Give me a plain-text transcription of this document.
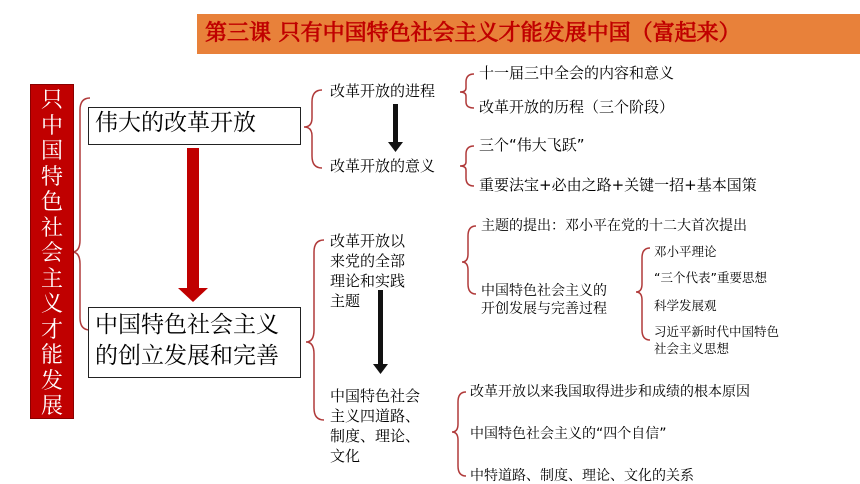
第三课 只有中国特色社会主义才能发展中国（富起来）
只中国特色社会主义才能发展中国
伟大的改革开放
中国特色社会主义
的创立发展和完善
改革开放的进程
十一届三中全会的内容和意义
改革开放的历程（三个阶段）
改革开放的意义
三个“伟大飞跃”
重要法宝+必由之路+关键一招+基本国策
改革开放以
来党的全部
理论和实践
主题
主题的提出：邓小平在党的十二大首次提出
中国特色社会主义的
开创发展与完善过程
邓小平理论
“三个代表”重要思想
科学发展观
习近平新时代中国特色
社会主义思想
中国特色社会
主义四道路、
制度、理论、
文化
改革开放以来我国取得进步和成绩的根本原因
中国特色社会主义的“四个自信”
中特道路、制度、理论、文化的关系
